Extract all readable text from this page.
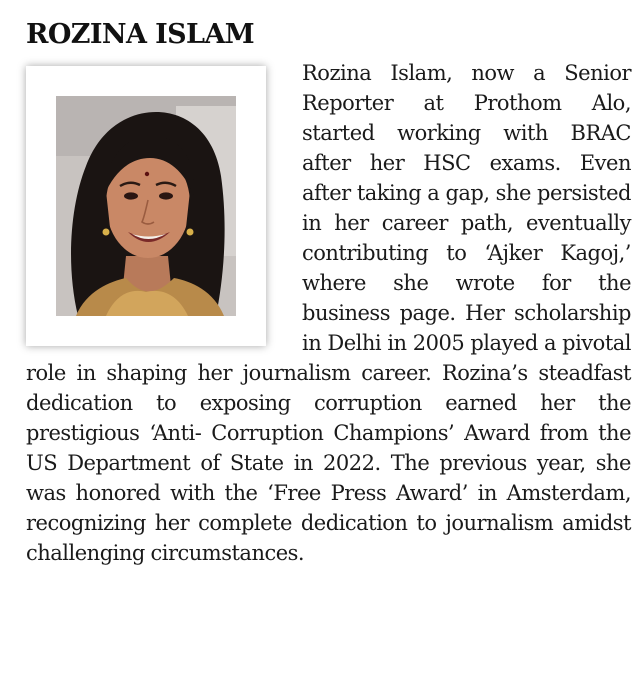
ROZINA ISLAM

Rozina Islam, now a Senior Reporter at Prothom Alo, started working with BRAC after her HSC exams. Even after taking a gap, she persisted in her career path, eventually contributing to ‘Ajker Kagoj,’ where she wrote for the business page. Her scholarship in Delhi in 2005 played a pivotal role in shaping her journalism career. Rozina’s steadfast dedication to exposing corruption earned her the prestigious ‘Anti- Corruption Champions’ Award from the US Department of State in 2022. The previous year, she was honored with the ‘Free Press Award’ in Amsterdam, recognizing her complete dedication to journalism amidst challenging circumstances.
